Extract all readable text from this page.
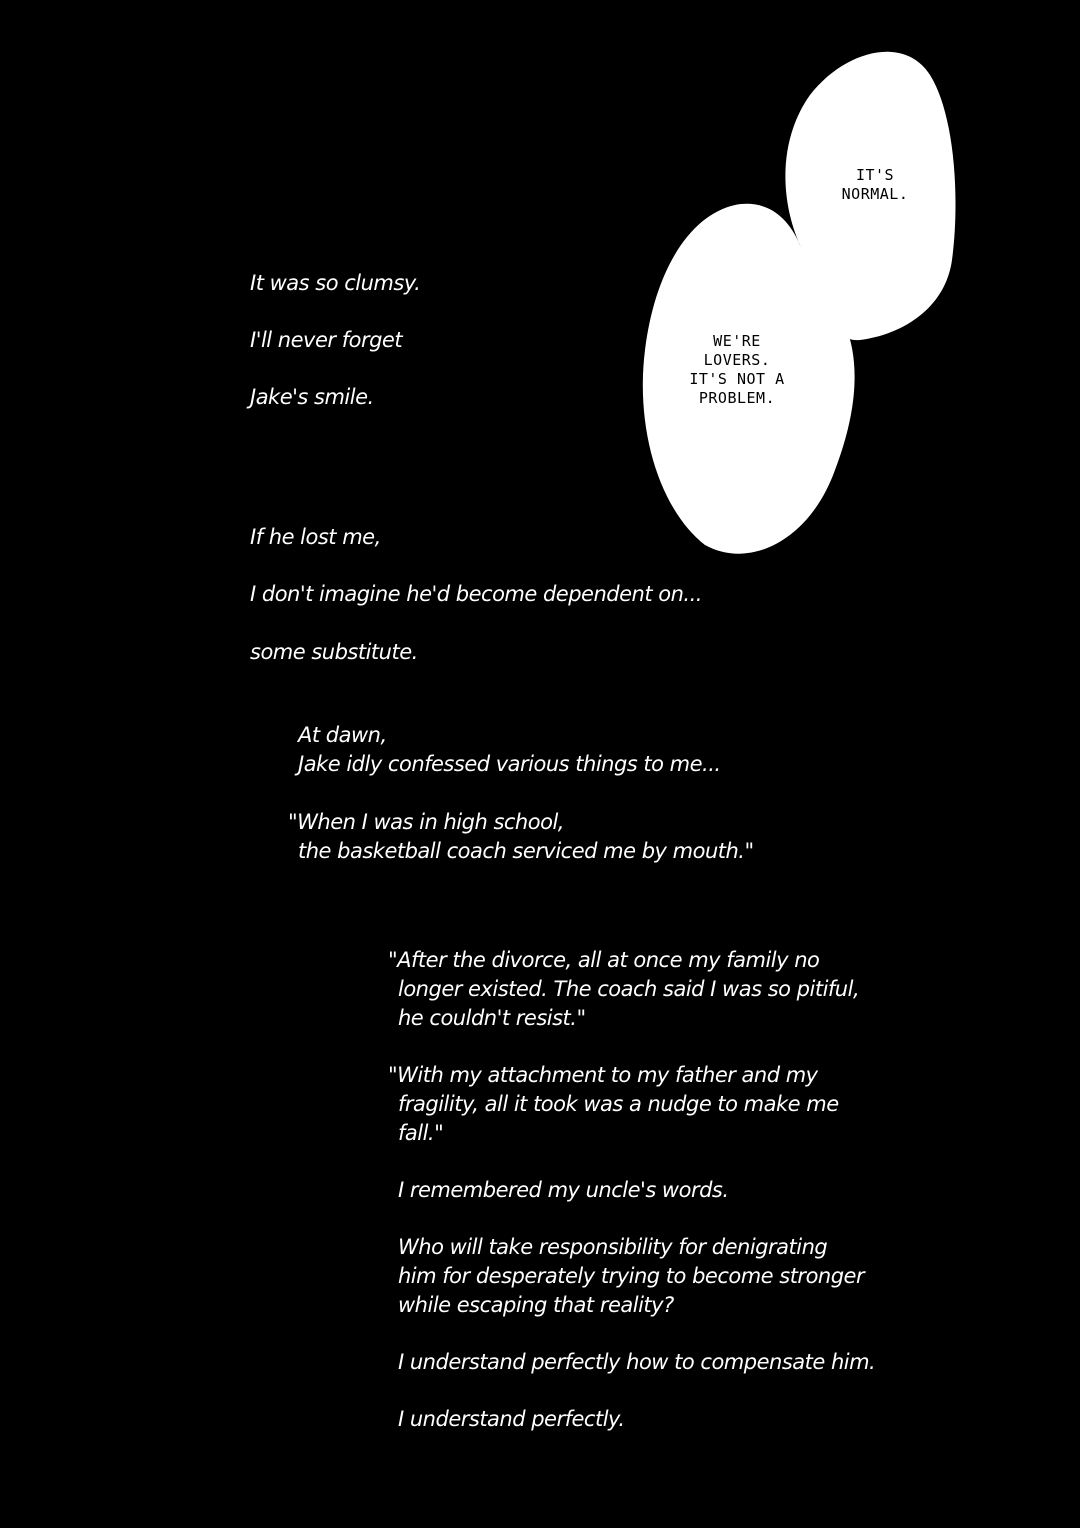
IT'S
NORMAL.
WE'RE
LOVERS.
IT'S NOT A
PROBLEM.
It was so clumsy.
I'll never forget
Jake's smile.
If he lost me,
I don't imagine he'd become dependent on...
some substitute.
At dawn,
Jake idly confessed various things to me...
"When I was in high school,
the basketball coach serviced me by mouth."
"After the divorce, all at once my family no
longer existed. The coach said I was so pitiful,
he couldn't resist."
"With my attachment to my father and my
fragility, all it took was a nudge to make me
fall."
I remembered my uncle's words.
Who will take responsibility for denigrating
him for desperately trying to become stronger
while escaping that reality?
I understand perfectly how to compensate him.
I understand perfectly.
